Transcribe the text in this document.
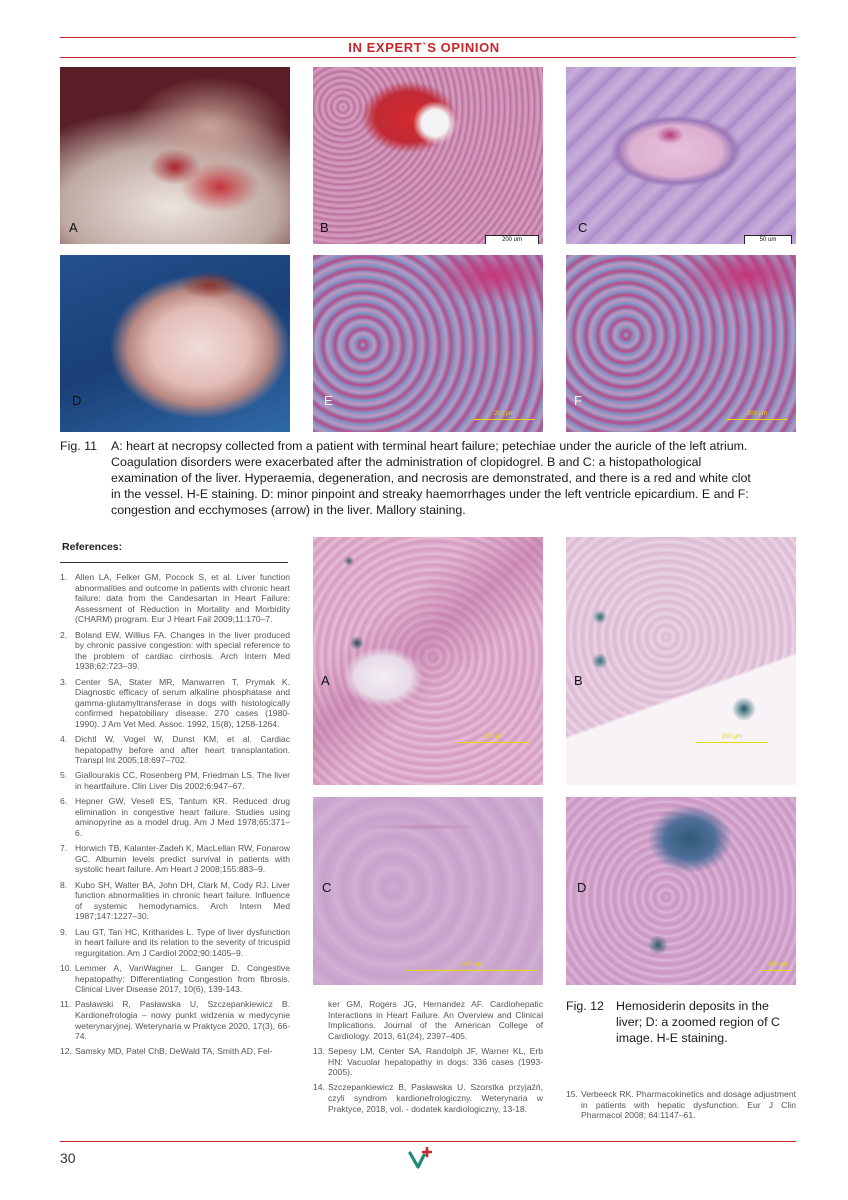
IN EXPERT`S OPINION
A	B
200 um
C
50 um
D	E
200 µm
F
200 µm
Fig. 11	A: heart at necropsy collected from a patient with terminal heart failure; petechiae under the auricle of the left atrium. Coagulation disorders were exacerbated after the administration of clopidogrel. B and C: a histopathological examination of the liver. Hyperaemia, degeneration, and necrosis are demonstrated, and there is a red and white clot in the vessel. H-E staining. D: minor pinpoint and streaky haemorrhages under the left ventricle epicardium. E and F: congestion and ecchymoses (arrow) in the liver. Mallory staining.
References:
1. Allen LA, Felker GM, Pocock S, et al. Liver function abnormalities and outcome in patients with chronic heart failure: data from the Candesartan in Heart Failure: Assessment of Reduction in Mortality and Morbidity (CHARM) program. Eur J Heart Fail 2009;11:170–7.
2. Boland EW, Willius FA. Changes in the liver produced by chronic passive congestion: with special reference to the problem of cardiac cirrhosis. Arch Intern Med 1938;62:723–39.
3. Center SA, Stater MR, Manwarren T, Prymak K. Diagnostic efficacy of serum alkaline phosphatase and gamma-glutamyltransferase in dogs with histologically confirmed hepatobiliary disease: 270 cases (1980-1990). J Am Vet Med. Assoc. 1992, 15(8), 1258-1264.
4. Dichtl W, Vogel W, Dunst KM, et al. Cardiac hepatopathy before and after heart transplantation. Transpl Int 2005;18:697–702.
5. Giallourakis CC, Rosenberg PM, Friedman LS. The liver in heartfailure. Clin Liver Dis 2002;6:947–67.
6. Hepner GW, Vesell ES, Tantum KR. Reduced drug elimination in congestive heart failure. Studies using aminopyrine as a model drug. Am J Med 1978;65:371–6.
7. Horwich TB, Kalanter-Zadeh K, MacLellan RW, Fonarow GC. Albumin levels predict survival in patients with systolic heart failure. Am Heart J 2008;155:883–9.
8. Kubo SH, Walter BA, John DH, Clark M, Cody RJ. Liver function abnormalities in chronic heart failure. Influence of systemic hemodynamics. Arch Intern Med 1987;147:1227–30.
9. Lau GT, Tan HC, Kritharides L. Type of liver dysfunction in heart failure and its relation to the severity of tricuspid regurgitation. Am J Cardiol 2002;90:1405–9.
10. Lemmer A, VanWagner L. Ganger D. Congestive hepatopathy: Differentiating Congestion from fibrosis. Clinical Liver Disease 2017, 10(6), 139-143.
11. Pasławski R, Pasławska U, Szczepankiewicz B. Kardionefrologia – nowy punkt widzenia w medycynie weterynaryjnej. Weterynaria w Praktyce 2020, 17(3), 66-74.
12. Samsky MD, Patel ChB, DeWald TA, Smith AD, Fel-
ker GM, Rogers JG, Hernandez AF. Cardiohepatic Interactions in Heart Failure. An Overview and Clinical Implications. Journal of the American College of Cardiology. 2013, 61(24), 2397–405.
13. Sepesy LM, Center SA, Randolph JF, Warner KL, Erb HN: Vacuolar hepatopathy in dogs: 336 cases (1993-2005).
14. Szczepankiewicz B, Pasławska U. Szorstka przyjaźń, czyli syndrom kardionefrologiczny. Weterynaria w Praktyce, 2018, vol. - dodatek kardiologiczny, 13-18.
15. Verbeeck RK. Pharmacokinetics and dosage adjustment in patients with hepatic dysfunction. Eur J Clin Pharmacol 2008; 64:1147–61.
A
200 µm
B
200 µm
C
2.0 mm
D
500 µm
Fig. 12 Hemosiderin deposits in the liver; D: a zoomed region of C image. H-E staining.
30
